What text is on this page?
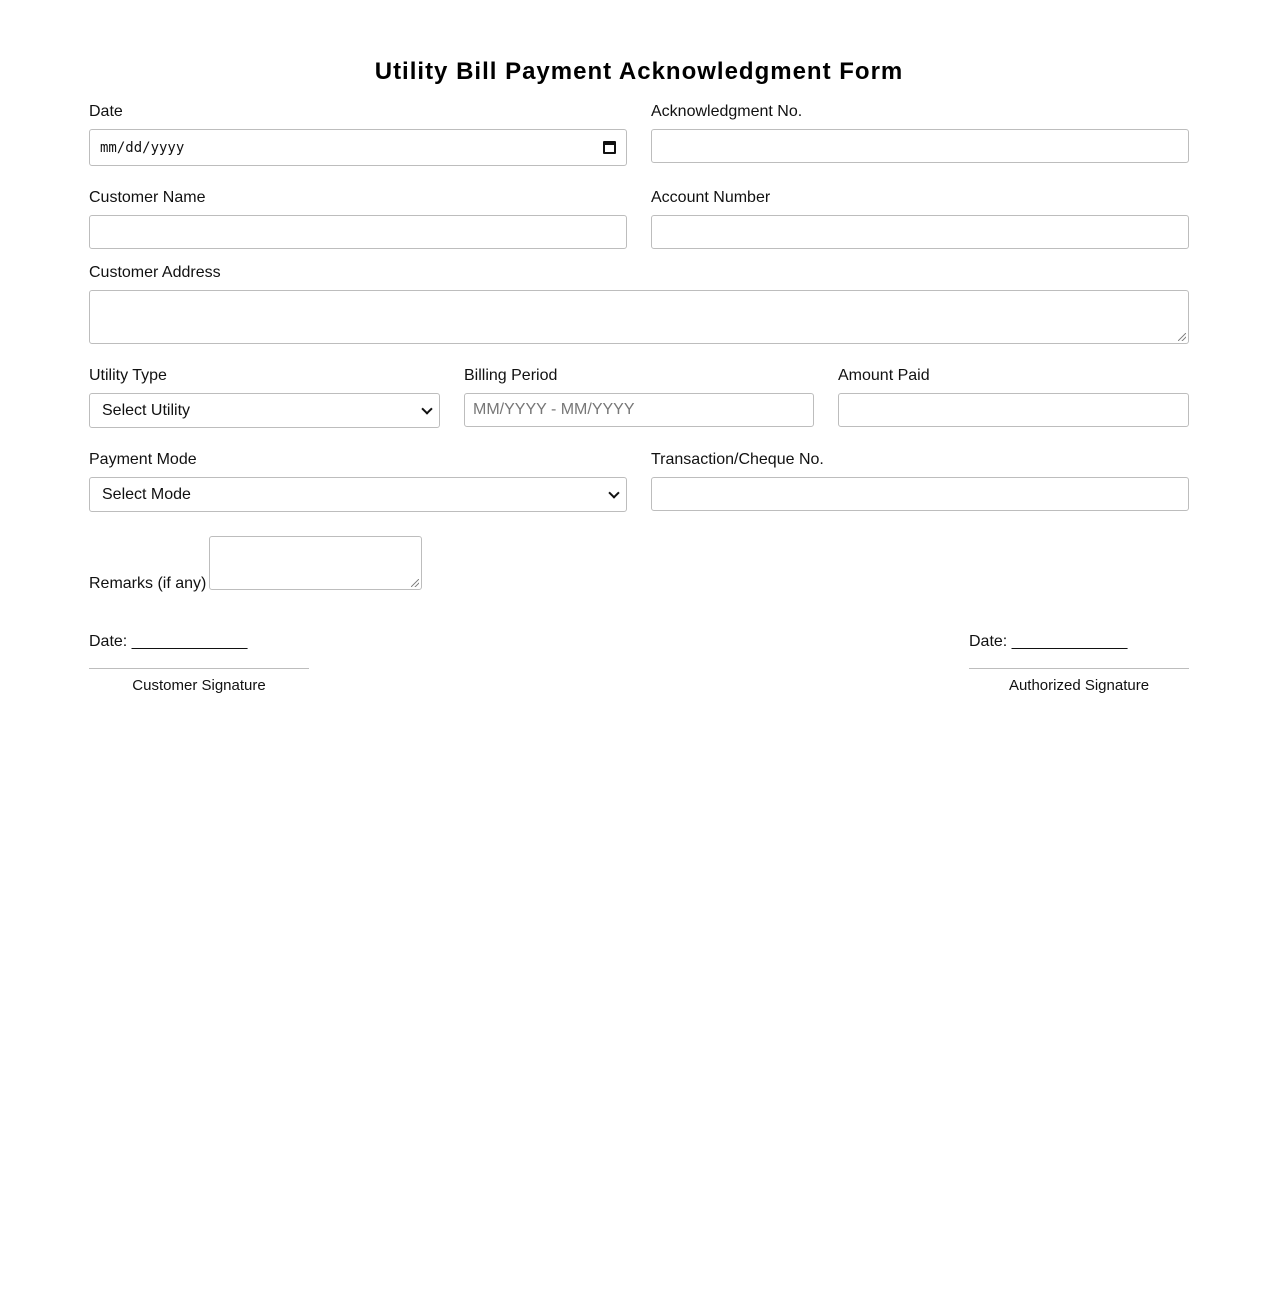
Utility Bill Payment Acknowledgment Form
Date
mm/dd/yyyy
Acknowledgment No.
Customer Name	Account Number
Customer Address
Utility Type
Select Utility
Billing Period
MM/YYYY - MM/YYYY
Amount Paid
Payment Mode
Select Mode
Transaction/Cheque No.
Remarks (if any)
Date: _____________
Customer Signature
Date: _____________
Authorized Signature
